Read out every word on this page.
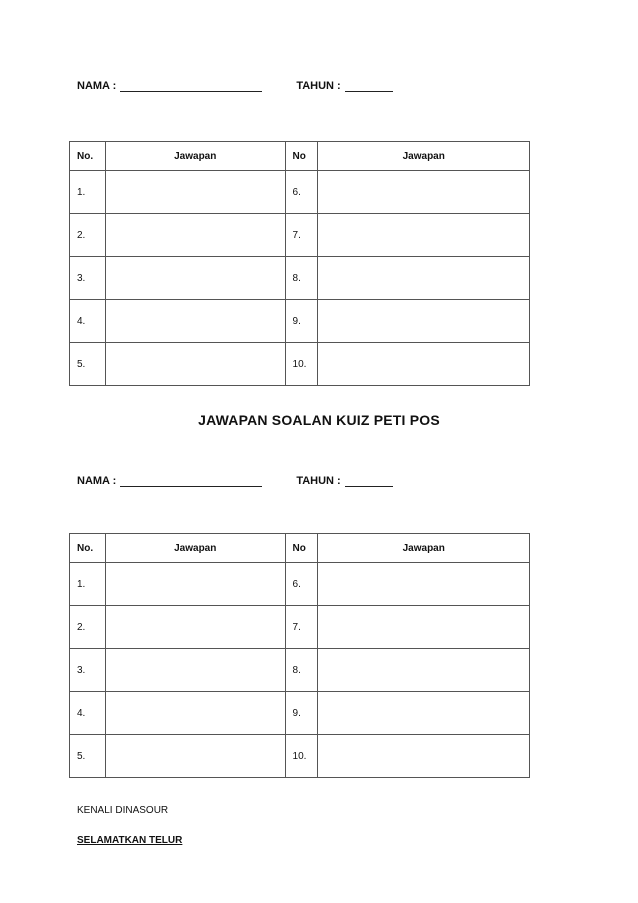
NAMA :	TAHUN :
No.	Jawapan	No	Jawapan
1.		6.	
2.		7.	
3.		8.	
4.		9.	
5.		10.	
JAWAPAN SOALAN KUIZ PETI POS
NAMA :	TAHUN :
No.	Jawapan	No	Jawapan
1.		6.	
2.		7.	
3.		8.	
4.		9.	
5.		10.	
KENALI DINASOUR
SELAMATKAN TELUR
